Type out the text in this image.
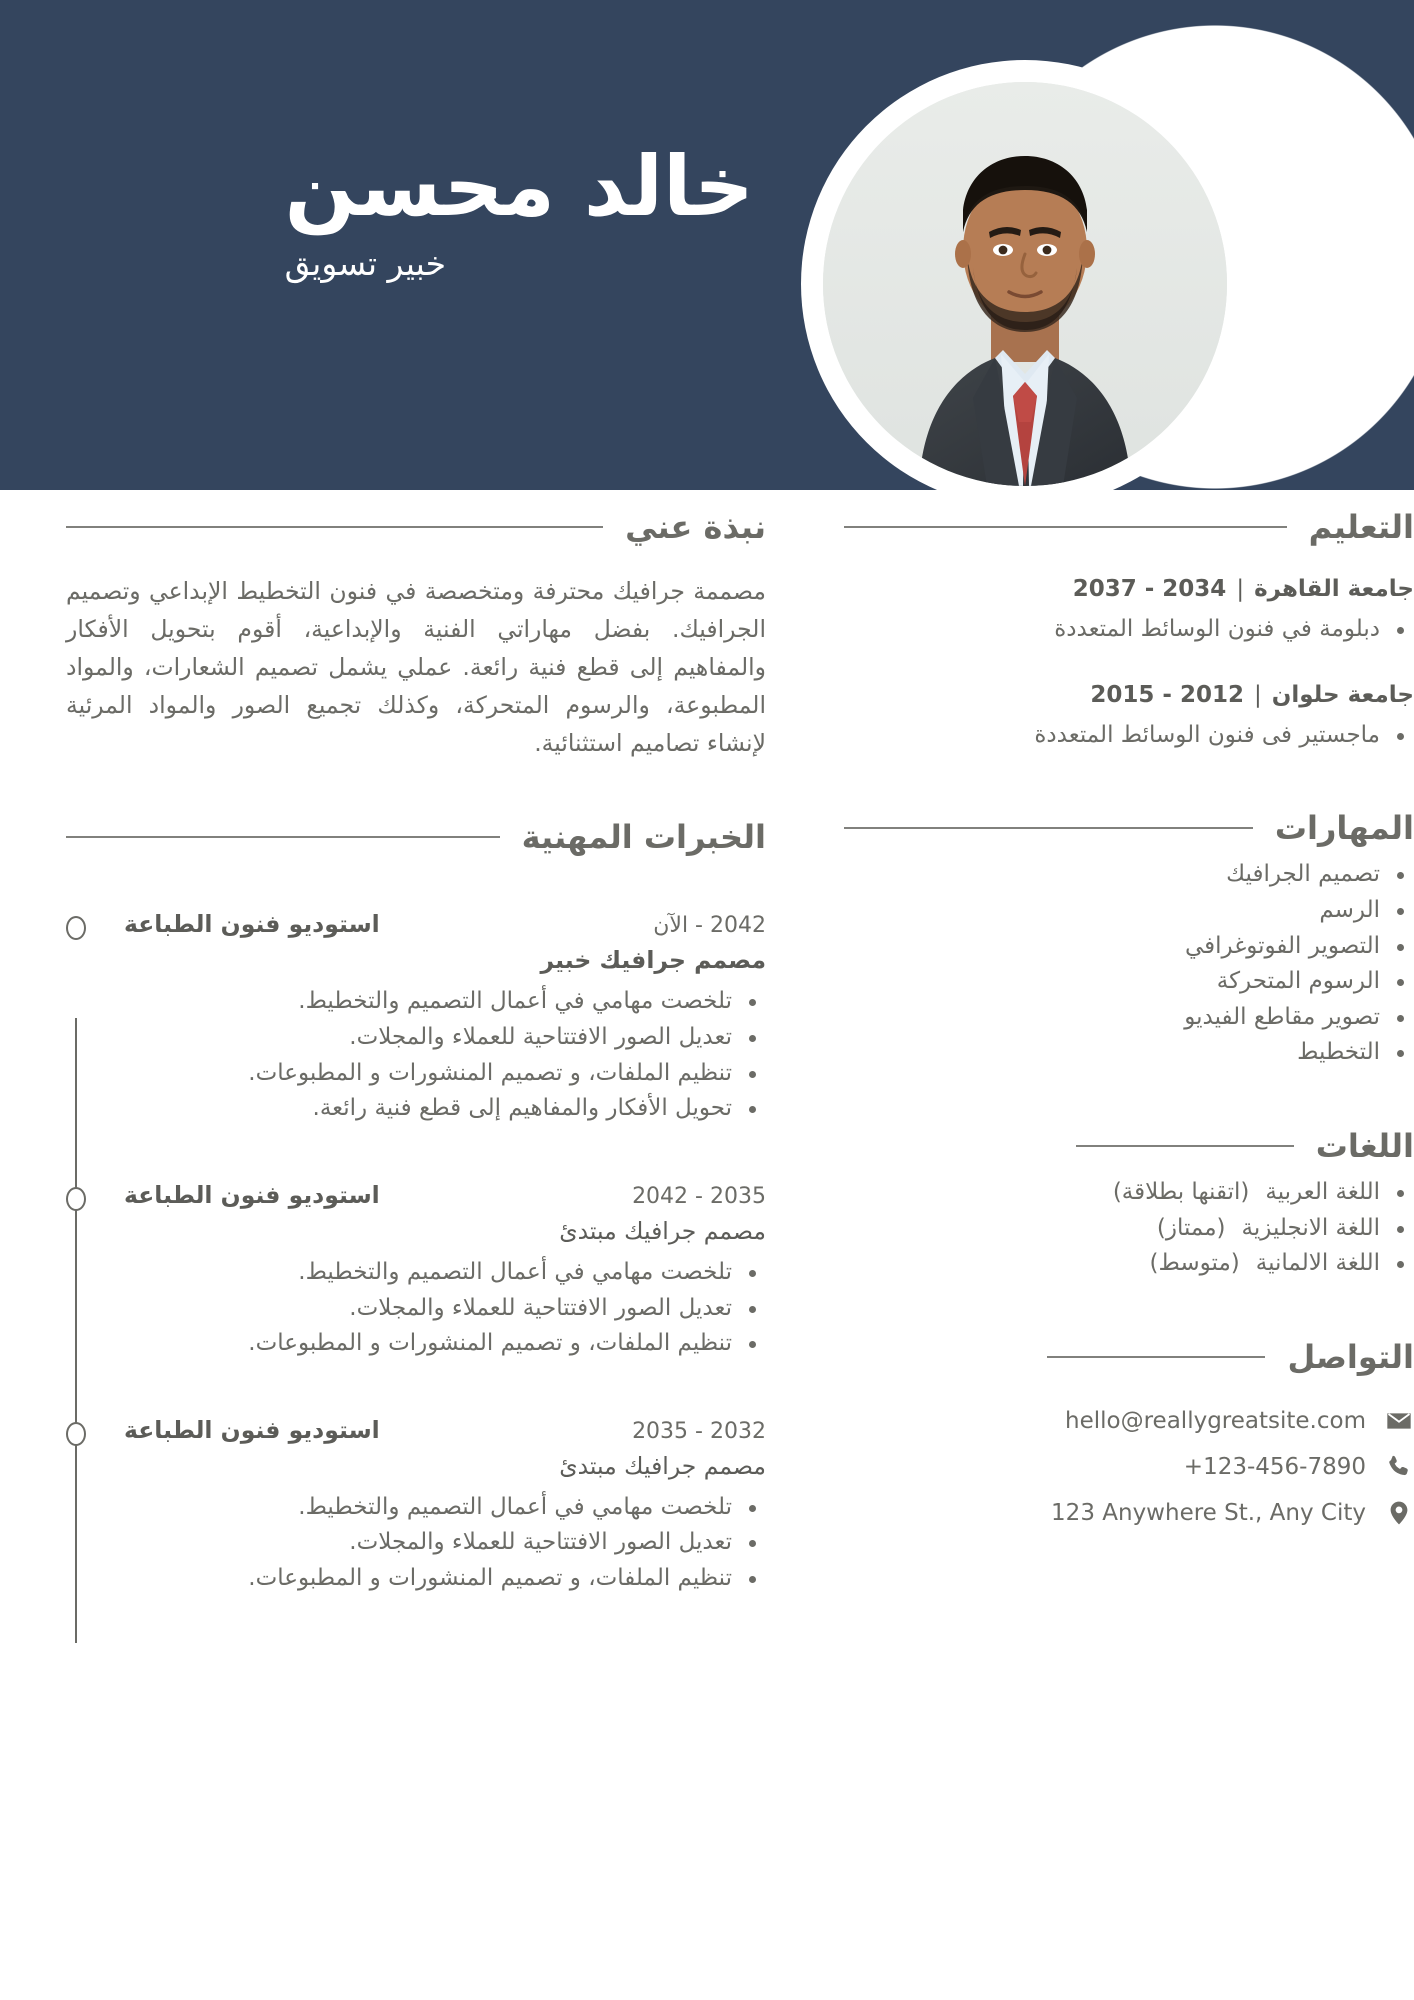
خالد محسن
خبير تسويق
التعليم
جامعة القاهرة|2034 - 2037
دبلومة في فنون الوسائط المتعددة
جامعة حلوان|2012 - 2015
ماجستير فى فنون الوسائط المتعددة
المهارات
تصميم الجرافيك
الرسم
التصوير الفوتوغرافي
الرسوم المتحركة
تصوير مقاطع الفيديو
التخطيط
اللغات
اللغة العربية(اتقنها بطلاقة)
اللغة الانجليزية(ممتاز)
اللغة الالمانية(متوسط)
التواصل
hello@reallygreatsite.com
+123-456-7890
123 Anywhere St., Any City
نبذة عني
مصممة جرافيك محترفة ومتخصصة في فنون التخطيط الإبداعي وتصميم الجرافيك. بفضل مهاراتي الفنية والإبداعية، أقوم بتحويل الأفكار والمفاهيم إلى قطع فنية رائعة. عملي يشمل تصميم الشعارات، والمواد المطبوعة، والرسوم المتحركة، وكذلك تجميع الصور والمواد المرئية لإنشاء تصاميم استثنائية.
الخبرات المهنية
استوديو فنون الطباعة	2042 - الآن
مصمم جرافيك خبير
تلخصت مهامي في أعمال التصميم والتخطيط.
تعديل الصور الافتتاحية للعملاء والمجلات.
تنظيم الملفات، و تصميم المنشورات و المطبوعات.
تحويل الأفكار والمفاهيم إلى قطع فنية رائعة.
استوديو فنون الطباعة	2035 - 2042
مصمم جرافيك مبتدئ
تلخصت مهامي في أعمال التصميم والتخطيط.
تعديل الصور الافتتاحية للعملاء والمجلات.
تنظيم الملفات، و تصميم المنشورات و المطبوعات.
استوديو فنون الطباعة	2032 - 2035
مصمم جرافيك مبتدئ
تلخصت مهامي في أعمال التصميم والتخطيط.
تعديل الصور الافتتاحية للعملاء والمجلات.
تنظيم الملفات، و تصميم المنشورات و المطبوعات.
